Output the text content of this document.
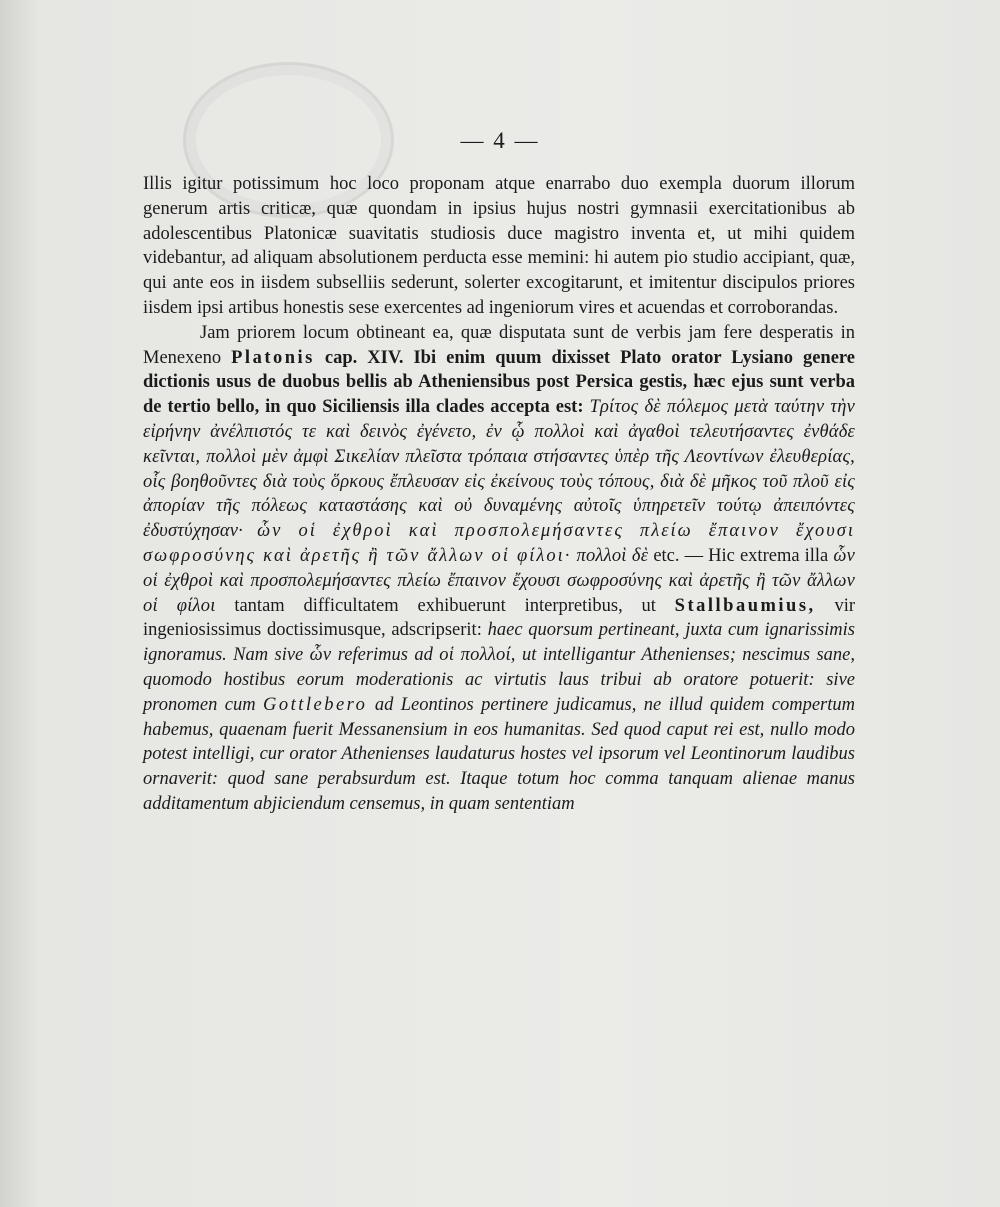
— 4 —

Illis igitur potissimum hoc loco proponam atque enarrabo duo exempla duorum illorum generum artis criticæ, quæ quondam in ipsius hujus nostri gymnasii exercitationibus ab adolescentibus Platonicæ suavitatis studiosis duce magistro inventa et, ut mihi quidem videbantur, ad aliquam absolutionem perducta esse memini: hi autem pio studio accipiant, quæ, qui ante eos in iisdem subselliis sederunt, solerter excogitarunt, et imitentur discipulos priores iisdem ipsi artibus honestis sese exercentes ad ingeniorum vires et acuendas et corroborandas.

Jam priorem locum obtineant ea, quæ disputata sunt de verbis jam fere desperatis in Menexeno Platonis cap. XIV. Ibi enim quum dixisset Plato orator Lysiano genere dictionis usus de duobus bellis ab Atheniensibus post Persica gestis, hæc ejus sunt verba de tertio bello, in quo Siciliensis illa clades accepta est: Τρίτος δὲ πόλεμος μετὰ ταύτην τὴν εἰρήνην ἀνέλπιστός τε καὶ δεινὸς ἐγένετο, ἐν ᾧ πολλοὶ καὶ ἀγαθοὶ τελευτήσαντες ἐνθάδε κεῖνται, πολλοὶ μὲν ἀμφὶ Σικελίαν πλεῖστα τρόπαια στήσαντες ὑπὲρ τῆς Λεοντίνων ἐλευθερίας, οἷς βοηθοῦντες διὰ τοὺς ὅρκους ἔπλευσαν εἰς ἐκείνους τοὺς τόπους, διὰ δὲ μῆκος τοῦ πλοῦ εἰς ἀπορίαν τῆς πόλεως καταστάσης καὶ οὐ δυναμένης αὐτοῖς ὑπηρετεῖν τούτῳ ἀπειπόντες ἐδυστύχησαν· ὧν οἱ ἐχθροὶ καὶ προσπολεμήσαντες πλείω ἔπαινον ἔχουσι σωφροσύνης καὶ ἀρετῆς ἢ τῶν ἄλλων οἱ φίλοι· πολλοὶ δὲ etc. — Hic extrema illa ὧν οἱ ἐχθροὶ καὶ προσπολεμήσαντες πλείω ἔπαινον ἔχουσι σωφροσύνης καὶ ἀρετῆς ἢ τῶν ἄλλων οἱ φίλοι tantam difficultatem exhibuerunt interpretibus, ut Stallbaumius, vir ingeniosissimus doctissimusque, adscripserit: haec quorsum pertineant, juxta cum ignarissimis ignoramus. Nam sive ὧν referimus ad οἱ πολλοί, ut intelligantur Athenienses; nescimus sane, quomodo hostibus eorum moderationis ac virtutis laus tribui ab oratore potuerit: sive pronomen cum Gottlebero ad Leontinos pertinere judicamus, ne illud quidem compertum habemus, quaenam fuerit Messanensium in eos humanitas. Sed quod caput rei est, nullo modo potest intelligi, cur orator Athenienses laudaturus hostes vel ipsorum vel Leontinorum laudibus ornaverit: quod sane perabsurdum est. Itaque totum hoc comma tanquam alienae manus additamentum abjiciendum censemus, in quam sententiam
